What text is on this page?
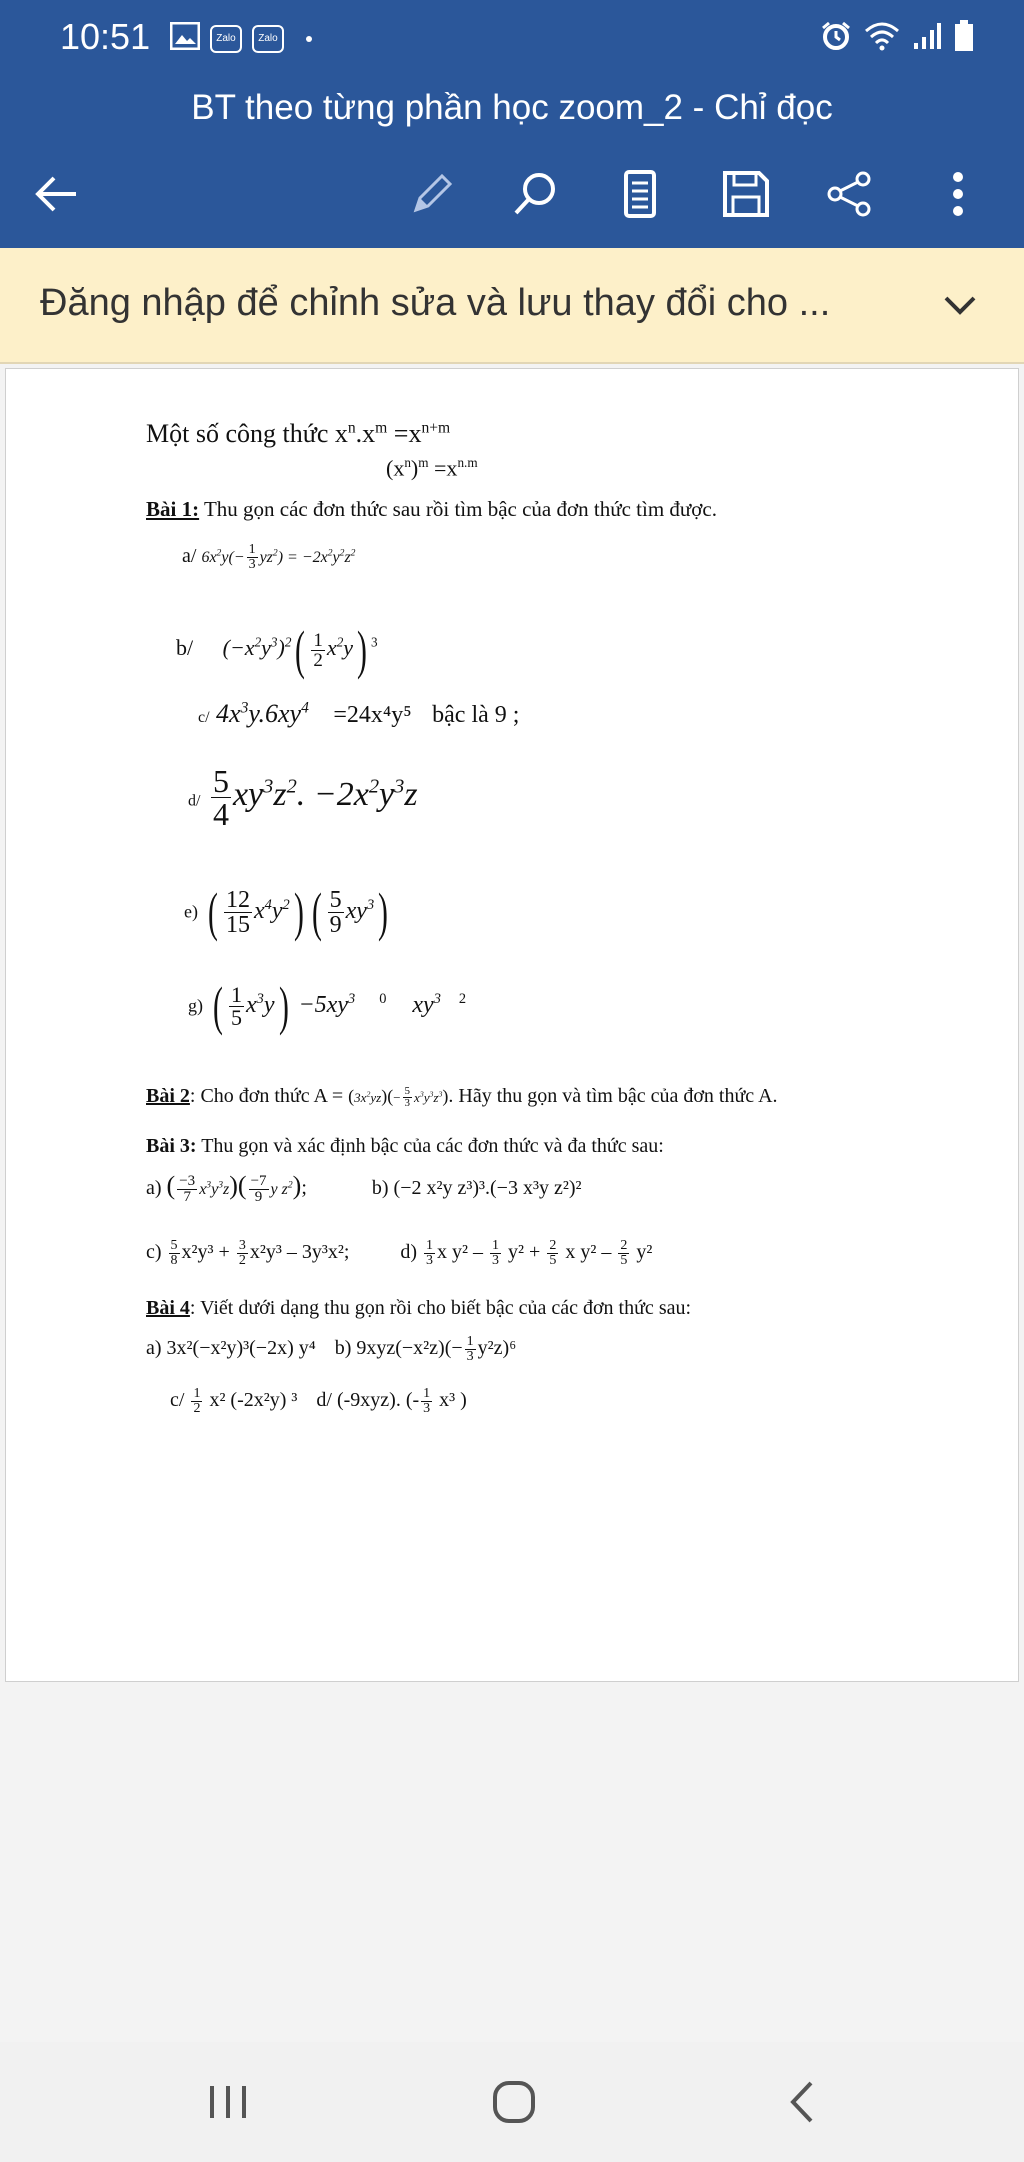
10:51	Zalo	Zalo
BT theo từng phần học zoom_2 - Chỉ đọc
Đăng nhập để chỉnh sửa và lưu thay đổi cho ...
Một số công thức $x^n.x^m =x^{n+m}$
$(x^n)^m =x^{n.m}$
Bài 1: Thu gọn các đơn thức sau rồi tìm bậc của đơn thức tìm được.
a/ $6x^2y(- \frac{1}{3} yz^2) = -2x^2y^2z^2$
b/ $(-x^2y^3)^2( \frac{1}{2} x^2y)$ $^3$
c/ $4x^3y.6xy^4 =24x^4y^5$ bậc là 9 ;
$d/ \frac{5}{4} xy^3z^2$. $-2x^2y^3z$
e) ( $\frac{12}{15} x^4y^2$) ( $\frac{5}{9} xy^3$)
g) ( $\frac{1}{5} x^3y) -5xy^3$ $^0$ $xy^3$ $^2$
Bài 2: Cho đơn thức $A = (3x^2yz)(- \frac{5}{3} x^3y^3z^3)$. Hãy thu gọn và tìm bậc của đơn thức A.
Bài 3: Thu gọn và xác định bậc của các đơn thức và đa thức sau:
a) ( $\frac{-3}{7} x^3y^3z)( \frac{-7}{9}$ y $z^2$);	b) (−2 x²y z³)³.(−3 x³y z²)²
$c) \frac{5}{8} x^2y^3 + \frac{3}{2} x^2y^3 - 3y^3x^2$;	$d) \frac{1}{3}$ x $y^2 - \frac{1}{3} y^2 + \frac{2}{5}$ x $y^2 - \frac{2}{5} y^2$
Bài 4: Viết dưới dạng thu gọn rồi cho biết bậc của các đơn thức sau:
a) 3x²(−x²y)³(−2x) y⁴ b) $9xyz(-x^2z)(- \frac{1}{3} y^2z)^6$
$c/ \frac{1}{2} x^2$ (-2x²y) ³ d/ (-9xyz). (- $\frac{1}{3} x^3$ )
